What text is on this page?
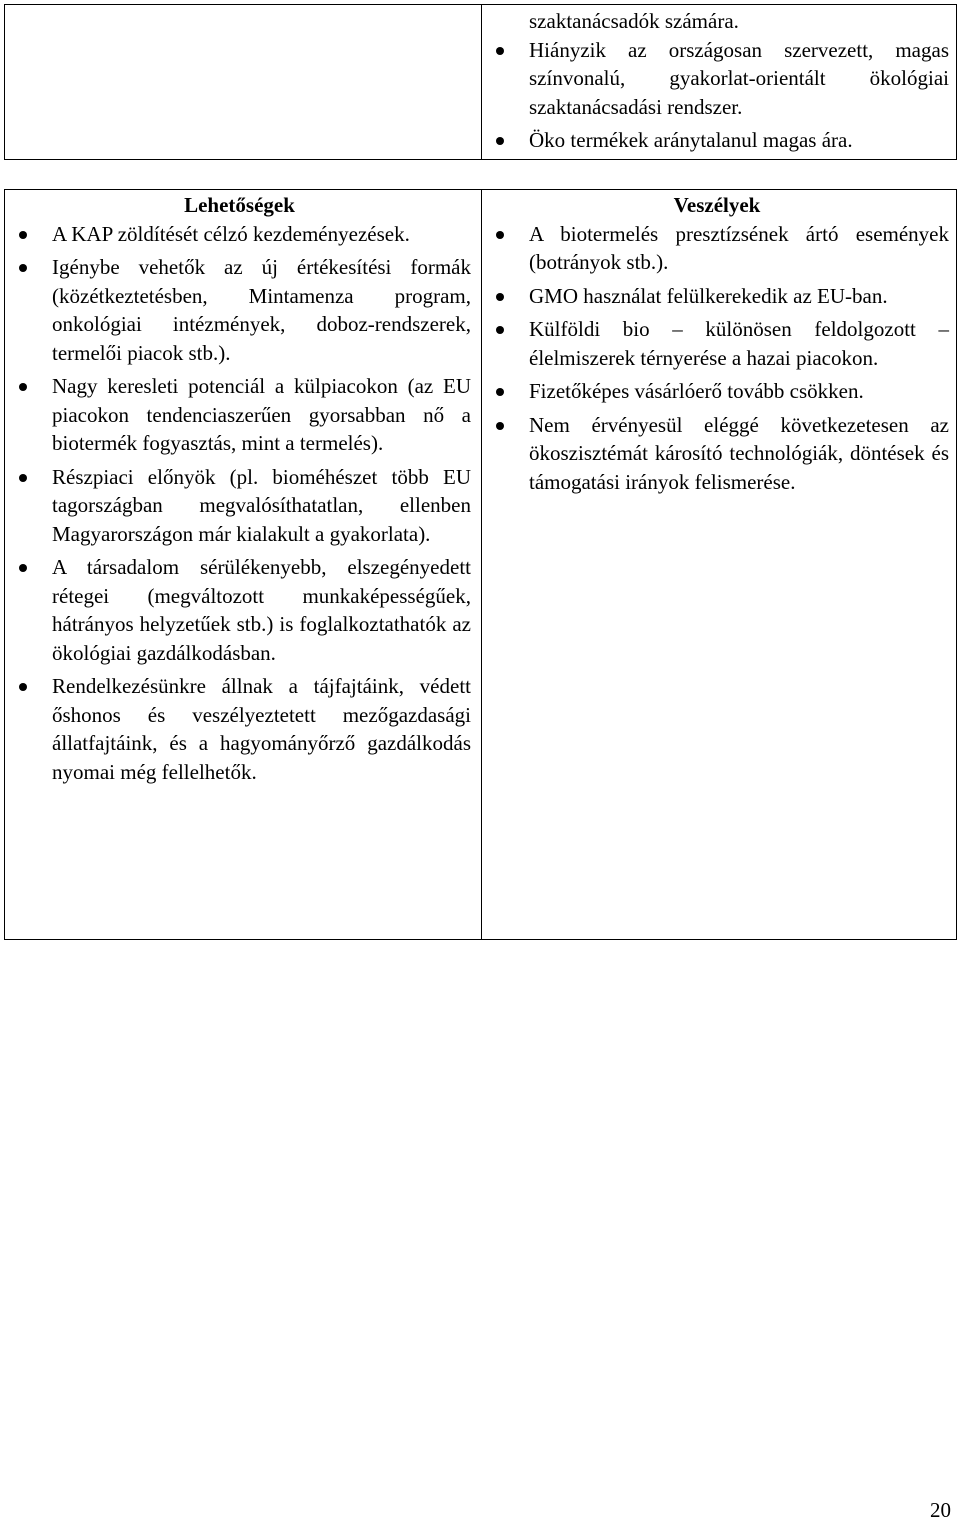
szaktanácsadók számára.

Hiányzik az országosan szervezett, magas színvonalú, gyakorlat-orientált ökológiai szaktanácsadási rendszer.
Öko termékek aránytalanul magas ára.
Lehetőségek
A KAP zöldítését célzó kezdeményezések.
Igénybe vehetők az új értékesítési formák (közétkeztetésben, Mintamenza program, onkológiai intézmények, doboz-rendszerek, termelői piacok stb.).
Nagy keresleti potenciál a külpiacokon (az EU piacokon tendenciaszerűen gyorsabban nő a biotermék fogyasztás, mint a termelés).
Részpiaci előnyök (pl. bioméhészet több EU tagországban megvalósíthatatlan, ellenben Magyarországon már kialakult a gyakorlata).
A társadalom sérülékenyebb, elszegényedett rétegei (megváltozott munkaképességűek, hátrányos helyzetűek stb.) is foglalkoztathatók az ökológiai gazdálkodásban.
Rendelkezésünkre állnak a tájfajtáink, védett őshonos és veszélyeztetett mezőgazdasági állatfajtáink, és a hagyományőrző gazdálkodás nyomai még fellelhetők.
Veszélyek
A biotermelés presztízsének ártó események (botrányok stb.).
GMO használat felülkerekedik az EU-ban.
Külföldi bio – különösen feldolgozott – élelmiszerek térnyerése a hazai piacokon.
Fizetőképes vásárlóerő tovább csökken.
Nem érvényesül eléggé következetesen az ökoszisztémát károsító technológiák, döntések és támogatási irányok felismerése.
20
